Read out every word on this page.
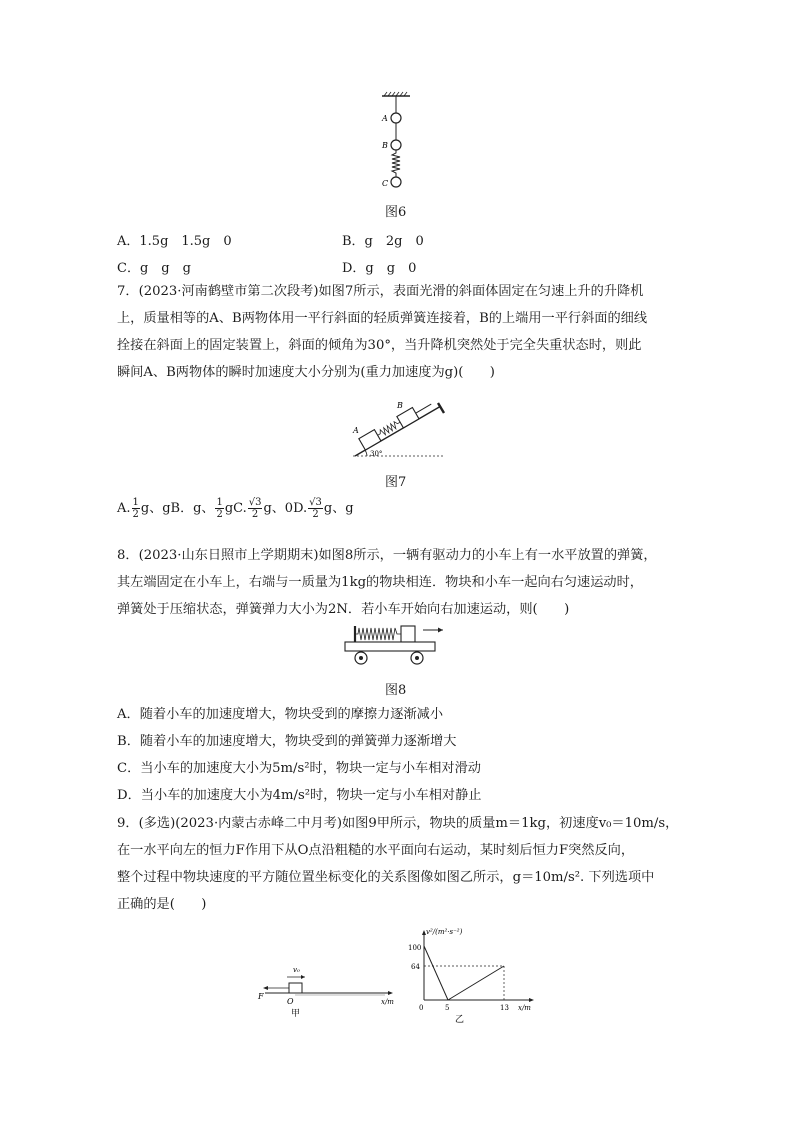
A
B
C
图6
A．1.5g　1.5g　0	B．g　2g　0
C．g　g　g	D．g　g　0
7．(2023·河南鹤壁市第二次段考)如图7所示，表面光滑的斜面体固定在匀速上升的升降机
上，质量相等的A、B两物体用一平行斜面的轻质弹簧连接着，B的上端用一平行斜面的细线
拴接在斜面上的固定装置上，斜面的倾角为30°，当升降机突然处于完全失重状态时，则此
瞬间A、B两物体的瞬时加速度大小分别为(重力加速度为g)(　　)
A
B
30°
图7
A. $\frac{1}{2}$ g、gB．g、 $\frac{1}{2}$ gC. $\frac{√3}{2}$ g、0D. $\frac{√3}{2}$ g、g
8．(2023·山东日照市上学期期末)如图8所示，一辆有驱动力的小车上有一水平放置的弹簧，
其左端固定在小车上，右端与一质量为1kg的物块相连．物块和小车一起向右匀速运动时，
弹簧处于压缩状态，弹簧弹力大小为2N．若小车开始向右加速运动，则(　　)
图8
A．随着小车的加速度增大，物块受到的摩擦力逐渐减小
B．随着小车的加速度增大，物块受到的弹簧弹力逐渐增大
C．当小车的加速度大小为5m/s²时，物块一定与小车相对滑动
D．当小车的加速度大小为4m/s²时，物块一定与小车相对静止
9．(多选)(2023·内蒙古赤峰二中月考)如图9甲所示，物块的质量m＝1kg，初速度v₀＝10m/s，
在一水平向左的恒力F作用下从O点沿粗糙的水平面向右运动，某时刻后恒力F突然反向，
整个过程中物块速度的平方随位置坐标变化的关系图像如图乙所示，g＝10m/s². 下列选项中
正确的是(　　)
v₀
F
O	x/m
甲
v²/(m²·s⁻²)
x/m
100
64
0	5	13
乙
